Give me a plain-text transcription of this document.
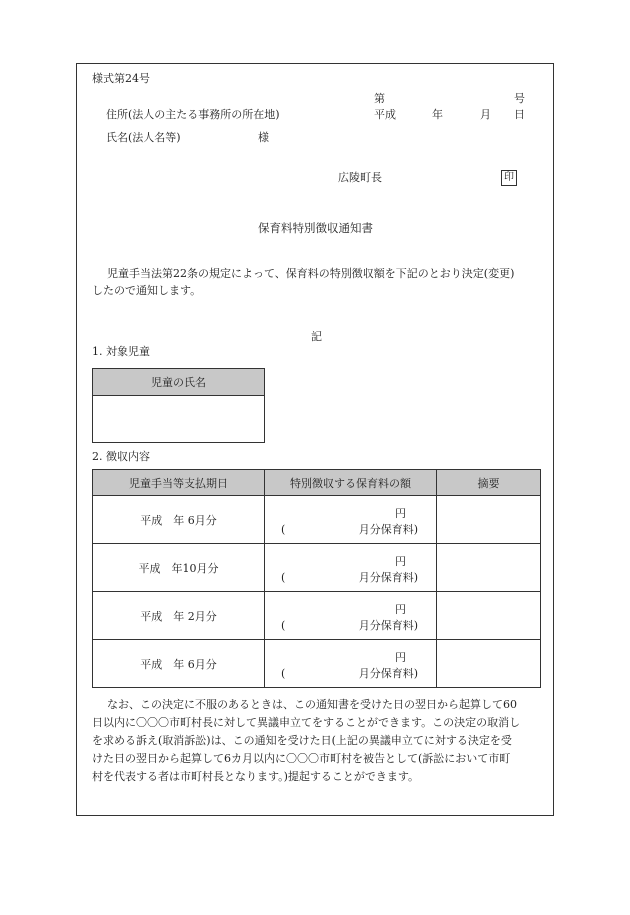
様式第24号
第	号
住所(法人の主たる事務所の所在地)	平成	年	月 日
氏名(法人名等)	様
広陵町長	印
保育料特別徴収通知書
児童手当法第22条の規定によって、保育料の特別徴収額を下記のとおり決定(変更)
したので通知します。
記
1. 対象児童
児童の氏名

2. 徴収内容
児童手当等支払期日	特別徴収する保育料の額	摘要
平成　年 6月分	円
( 月分保育料)	

平成　年10月分	円
( 月分保育料)	

平成　年 2月分	円
( 月分保育料)	

平成　年 6月分	円
( 月分保育料)	

なお、この決定に不服のあるときは、この通知書を受けた日の翌日から起算して60
日以内に〇〇〇市町村長に対して異議申立てをすることができます。この決定の取消し
を求める訴え(取消訴訟)は、この通知を受けた日(上記の異議申立てに対する決定を受
けた日の翌日から起算して6カ月以内に〇〇〇市町村を被告として(訴訟において市町
村を代表する者は市町村長となります。)提起することができます。
